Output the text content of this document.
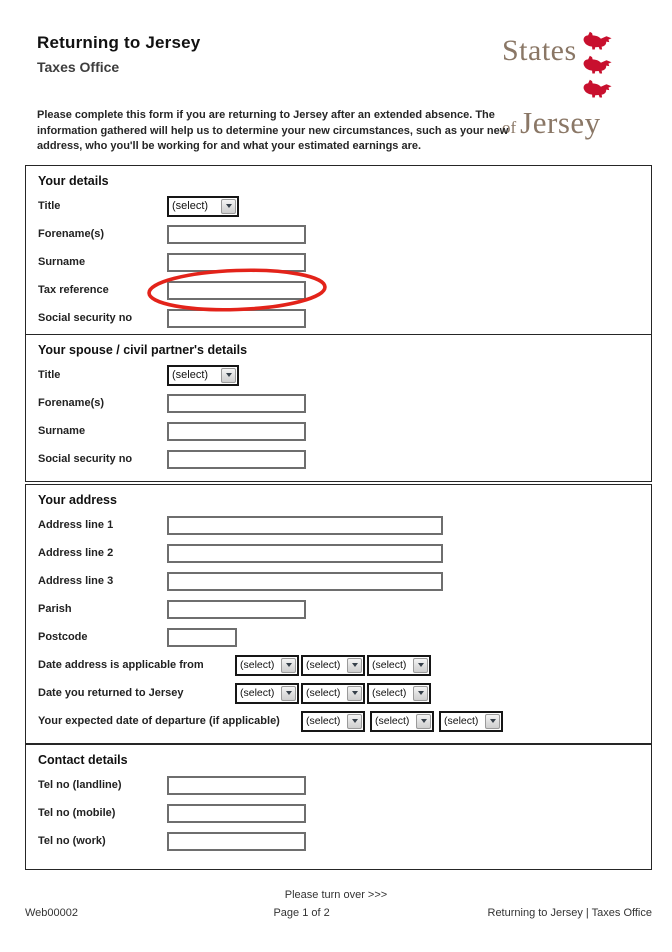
Returning to Jersey
Taxes Office	States
of Jersey

Please complete this form if you are returning to Jersey after an extended absence. The information gathered will help us to determine your new circumstances, such as your new address, who you'll be working for and what your estimated earnings are.

Your details
Title	(select)
Forename(s)
Surname
Tax reference
Social security no
Your spouse / civil partner's details
Title	(select)
Forename(s)
Surname
Social security no
Your address
Address line 1
Address line 2
Address line 3
Parish
Postcode
Date address is applicable from	(select)	(select)	(select)
Date you returned to Jersey	(select)	(select)	(select)
Your expected date of departure (if applicable)	(select)	(select)	(select)
Contact details
Tel no (landline)
Tel no (mobile)
Tel no (work)
Please turn over >>>
Web00002	Page 1 of 2	Returning to Jersey | Taxes Office
